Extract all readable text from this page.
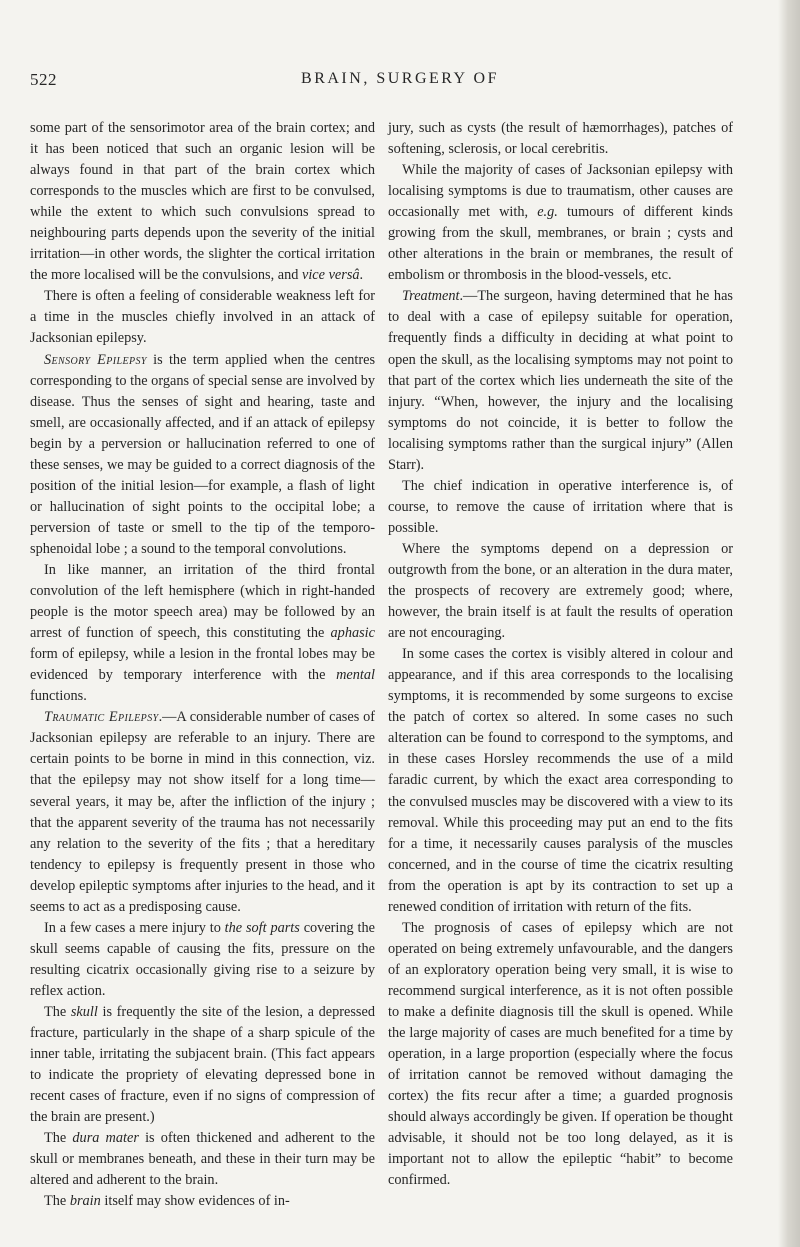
522	BRAIN, SURGERY OF

some part of the sensorimotor area of the brain cortex; and it has been noticed that such an organic lesion will be always found in that part of the brain cortex which corresponds to the muscles which are first to be convulsed, while the extent to which such convulsions spread to neighbouring parts depends upon the severity of the initial irritation—in other words, the slighter the cortical irritation the more localised will be the convulsions, and vice versâ.

There is often a feeling of considerable weakness left for a time in the muscles chiefly involved in an attack of Jacksonian epilepsy.

Sensory Epilepsy is the term applied when the centres corresponding to the organs of special sense are involved by disease. Thus the senses of sight and hearing, taste and smell, are occasionally affected, and if an attack of epilepsy begin by a perversion or hallucination referred to one of these senses, we may be guided to a correct diagnosis of the position of the initial lesion—for example, a flash of light or hallucination of sight points to the occipital lobe; a perversion of taste or smell to the tip of the temporo-sphenoidal lobe ; a sound to the temporal convolutions.

In like manner, an irritation of the third frontal convolution of the left hemisphere (which in right-handed people is the motor speech area) may be followed by an arrest of function of speech, this constituting the aphasic form of epilepsy, while a lesion in the frontal lobes may be evidenced by temporary interference with the mental functions.

Traumatic Epilepsy.—A considerable number of cases of Jacksonian epilepsy are referable to an injury. There are certain points to be borne in mind in this connection, viz. that the epilepsy may not show itself for a long time—several years, it may be, after the infliction of the injury ; that the apparent severity of the trauma has not necessarily any relation to the severity of the fits ; that a hereditary tendency to epilepsy is frequently present in those who develop epileptic symptoms after injuries to the head, and it seems to act as a predisposing cause.

In a few cases a mere injury to the soft parts covering the skull seems capable of causing the fits, pressure on the resulting cicatrix occasionally giving rise to a seizure by reflex action.

The skull is frequently the site of the lesion, a depressed fracture, particularly in the shape of a sharp spicule of the inner table, irritating the subjacent brain. (This fact appears to indicate the propriety of elevating depressed bone in recent cases of fracture, even if no signs of compression of the brain are present.)

The dura mater is often thickened and adherent to the skull or membranes beneath, and these in their turn may be altered and adherent to the brain.

The brain itself may show evidences of in-

jury, such as cysts (the result of hæmorrhages), patches of softening, sclerosis, or local cerebritis.

While the majority of cases of Jacksonian epilepsy with localising symptoms is due to traumatism, other causes are occasionally met with, e.g. tumours of different kinds growing from the skull, membranes, or brain ; cysts and other alterations in the brain or membranes, the result of embolism or thrombosis in the blood-vessels, etc.

Treatment.—The surgeon, having determined that he has to deal with a case of epilepsy suitable for operation, frequently finds a difficulty in deciding at what point to open the skull, as the localising symptoms may not point to that part of the cortex which lies underneath the site of the injury. “When, however, the injury and the localising symptoms do not coincide, it is better to follow the localising symptoms rather than the surgical injury” (Allen Starr).

The chief indication in operative interference is, of course, to remove the cause of irritation where that is possible.

Where the symptoms depend on a depression or outgrowth from the bone, or an alteration in the dura mater, the prospects of recovery are extremely good; where, however, the brain itself is at fault the results of operation are not encouraging.

In some cases the cortex is visibly altered in colour and appearance, and if this area corresponds to the localising symptoms, it is recommended by some surgeons to excise the patch of cortex so altered. In some cases no such alteration can be found to correspond to the symptoms, and in these cases Horsley recommends the use of a mild faradic current, by which the exact area corresponding to the convulsed muscles may be discovered with a view to its removal. While this proceeding may put an end to the fits for a time, it necessarily causes paralysis of the muscles concerned, and in the course of time the cicatrix resulting from the operation is apt by its contraction to set up a renewed condition of irritation with return of the fits.

The prognosis of cases of epilepsy which are not operated on being extremely unfavourable, and the dangers of an exploratory operation being very small, it is wise to recommend surgical interference, as it is not often possible to make a definite diagnosis till the skull is opened. While the large majority of cases are much benefited for a time by operation, in a large proportion (especially where the focus of irritation cannot be removed without damaging the cortex) the fits recur after a time; a guarded prognosis should always accordingly be given. If operation be thought advisable, it should not be too long delayed, as it is important not to allow the epileptic “habit” to become confirmed.
